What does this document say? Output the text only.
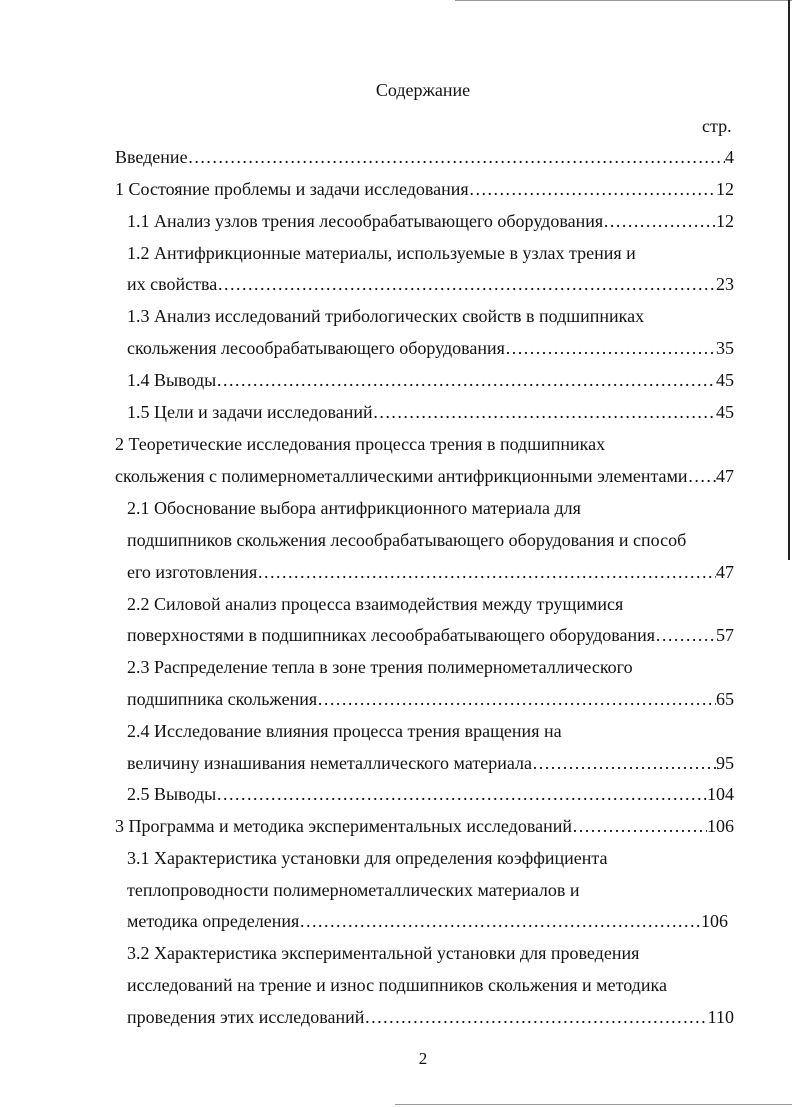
Содержание
стр.
Введение ……………………………………………………………………………………………………………………………………………………………………	4
1 Состояние проблемы и задачи исследования ……………………………………………………………………………………………………………………………………………………………………	12
1.1 Анализ узлов трения лесообрабатывающего оборудования ……………………………………………………………………………………………………………………………………………………………………	12
1.2 Антифрикционные материалы, используемые в узлах трения и
их свойства ……………………………………………………………………………………………………………………………………………………………………	23
1.3 Анализ исследований трибологических свойств в подшипниках
скольжения лесообрабатывающего оборудования ……………………………………………………………………………………………………………………………………………………………………	35
1.4 Выводы ……………………………………………………………………………………………………………………………………………………………………	45
1.5 Цели и задачи исследований ……………………………………………………………………………………………………………………………………………………………………	45
2 Теоретические исследования процесса трения в подшипниках
скольжения с полимернометаллическими антифрикционными элементами …………………………………………………………………………………………………………………………………………………………………… 47
2.1 Обоснование выбора антифрикционного материала для
подшипников скольжения лесообрабатывающего оборудования и способ
его изготовления ……………………………………………………………………………………………………………………………………………………………………	47
2.2 Силовой анализ процесса взаимодействия между трущимися
поверхностями в подшипниках лесообрабатывающего оборудования ……………………………………………………………………………………………………………………………………………………………………	57
2.3 Распределение тепла в зоне трения полимернометаллического
подшипника скольжения ……………………………………………………………………………………………………………………………………………………………………	65
2.4 Исследование влияния процесса трения вращения на
величину изнашивания неметаллического материала ……………………………………………………………………………………………………………………………………………………………………	95
2.5 Выводы ……………………………………………………………………………………………………………………………………………………………………	104
3 Программа и методика экспериментальных исследований ……………………………………………………………………………………………………………………………………………………………………	106
3.1 Характеристика установки для определения коэффициента
теплопроводности полимернометаллических материалов и
методика определения ……………………………………………………………………………………………………………………………………………………………………	106
3.2 Характеристика экспериментальной установки для проведения
исследований на трение и износ подшипников скольжения и методика
проведения этих исследований ……………………………………………………………………………………………………………………………………………………………………	110
2
